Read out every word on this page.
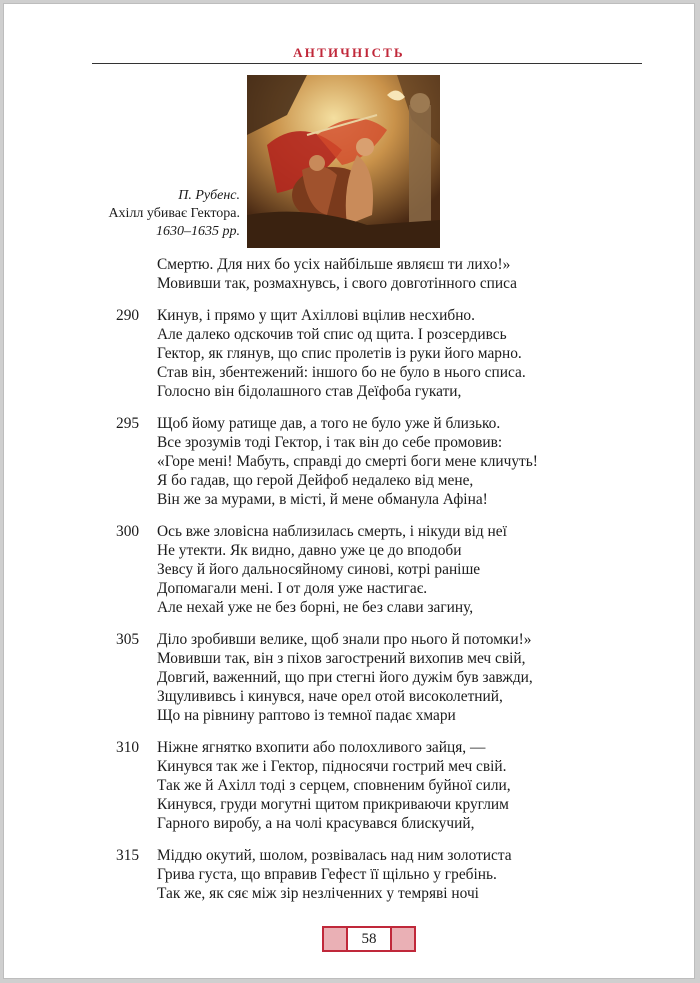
АНТИЧНІСТЬ
П. Рубенс.
Ахілл убиває Гектора.
1630–1635 рр.
Смертю. Для них бо усіх найбільше являєш ти лихо!»
Мовивши так, розмахнувсь, і свого довготінного списа
290 Кинув, і прямо у щит Ахіллові вцілив несхибно.
Але далеко одскочив той спис од щита. І розсердивсь
Гектор, як глянув, що спис пролетів із руки його марно.
Став він, збентежений: іншого бо не було в нього списа.
Голосно він бідолашного став Деїфоба гукати,
295 Щоб йому ратище дав, а того не було уже й близько.
Все зрозумів тоді Гектор, і так він до себе промовив:
«Горе мені! Мабуть, справді до смерті боги мене кличуть!
Я бо гадав, що герой Дейфоб недалеко від мене,
Він же за мурами, в місті, й мене обманула Афіна!
300 Ось вже зловісна наблизилась смерть, і нікуди від неї
Не утекти. Як видно, давно уже це до вподоби
Зевсу й його дальносяйному синові, котрі раніше
Допомагали мені. І от доля уже настигає.
Але нехай уже не без борні, не без слави загину,
305 Діло зробивши велике, щоб знали про нього й потомки!»
Мовивши так, він з піхов загострений вихопив меч свій,
Довгий, важенний, що при стегні його дужім був завжди,
Зщулививсь і кинувся, наче орел отой високолетний,
Що на рівнину раптово із темної падає хмари
310 Ніжне ягнятко вхопити або полохливого зайця, —
Кинувся так же і Гектор, підносячи гострий меч свій.
Так же й Ахілл тоді з серцем, сповненим буйної сили,
Кинувся, груди могутні щитом прикриваючи круглим
Гарного виробу, а на чолі красувався блискучий,
315 Міддю окутий, шолом, розвівалась над ним золотиста
Грива густа, що вправив Гефест її щільно у гребінь.
Так же, як сяє між зір незліченних у темряві ночі
58
